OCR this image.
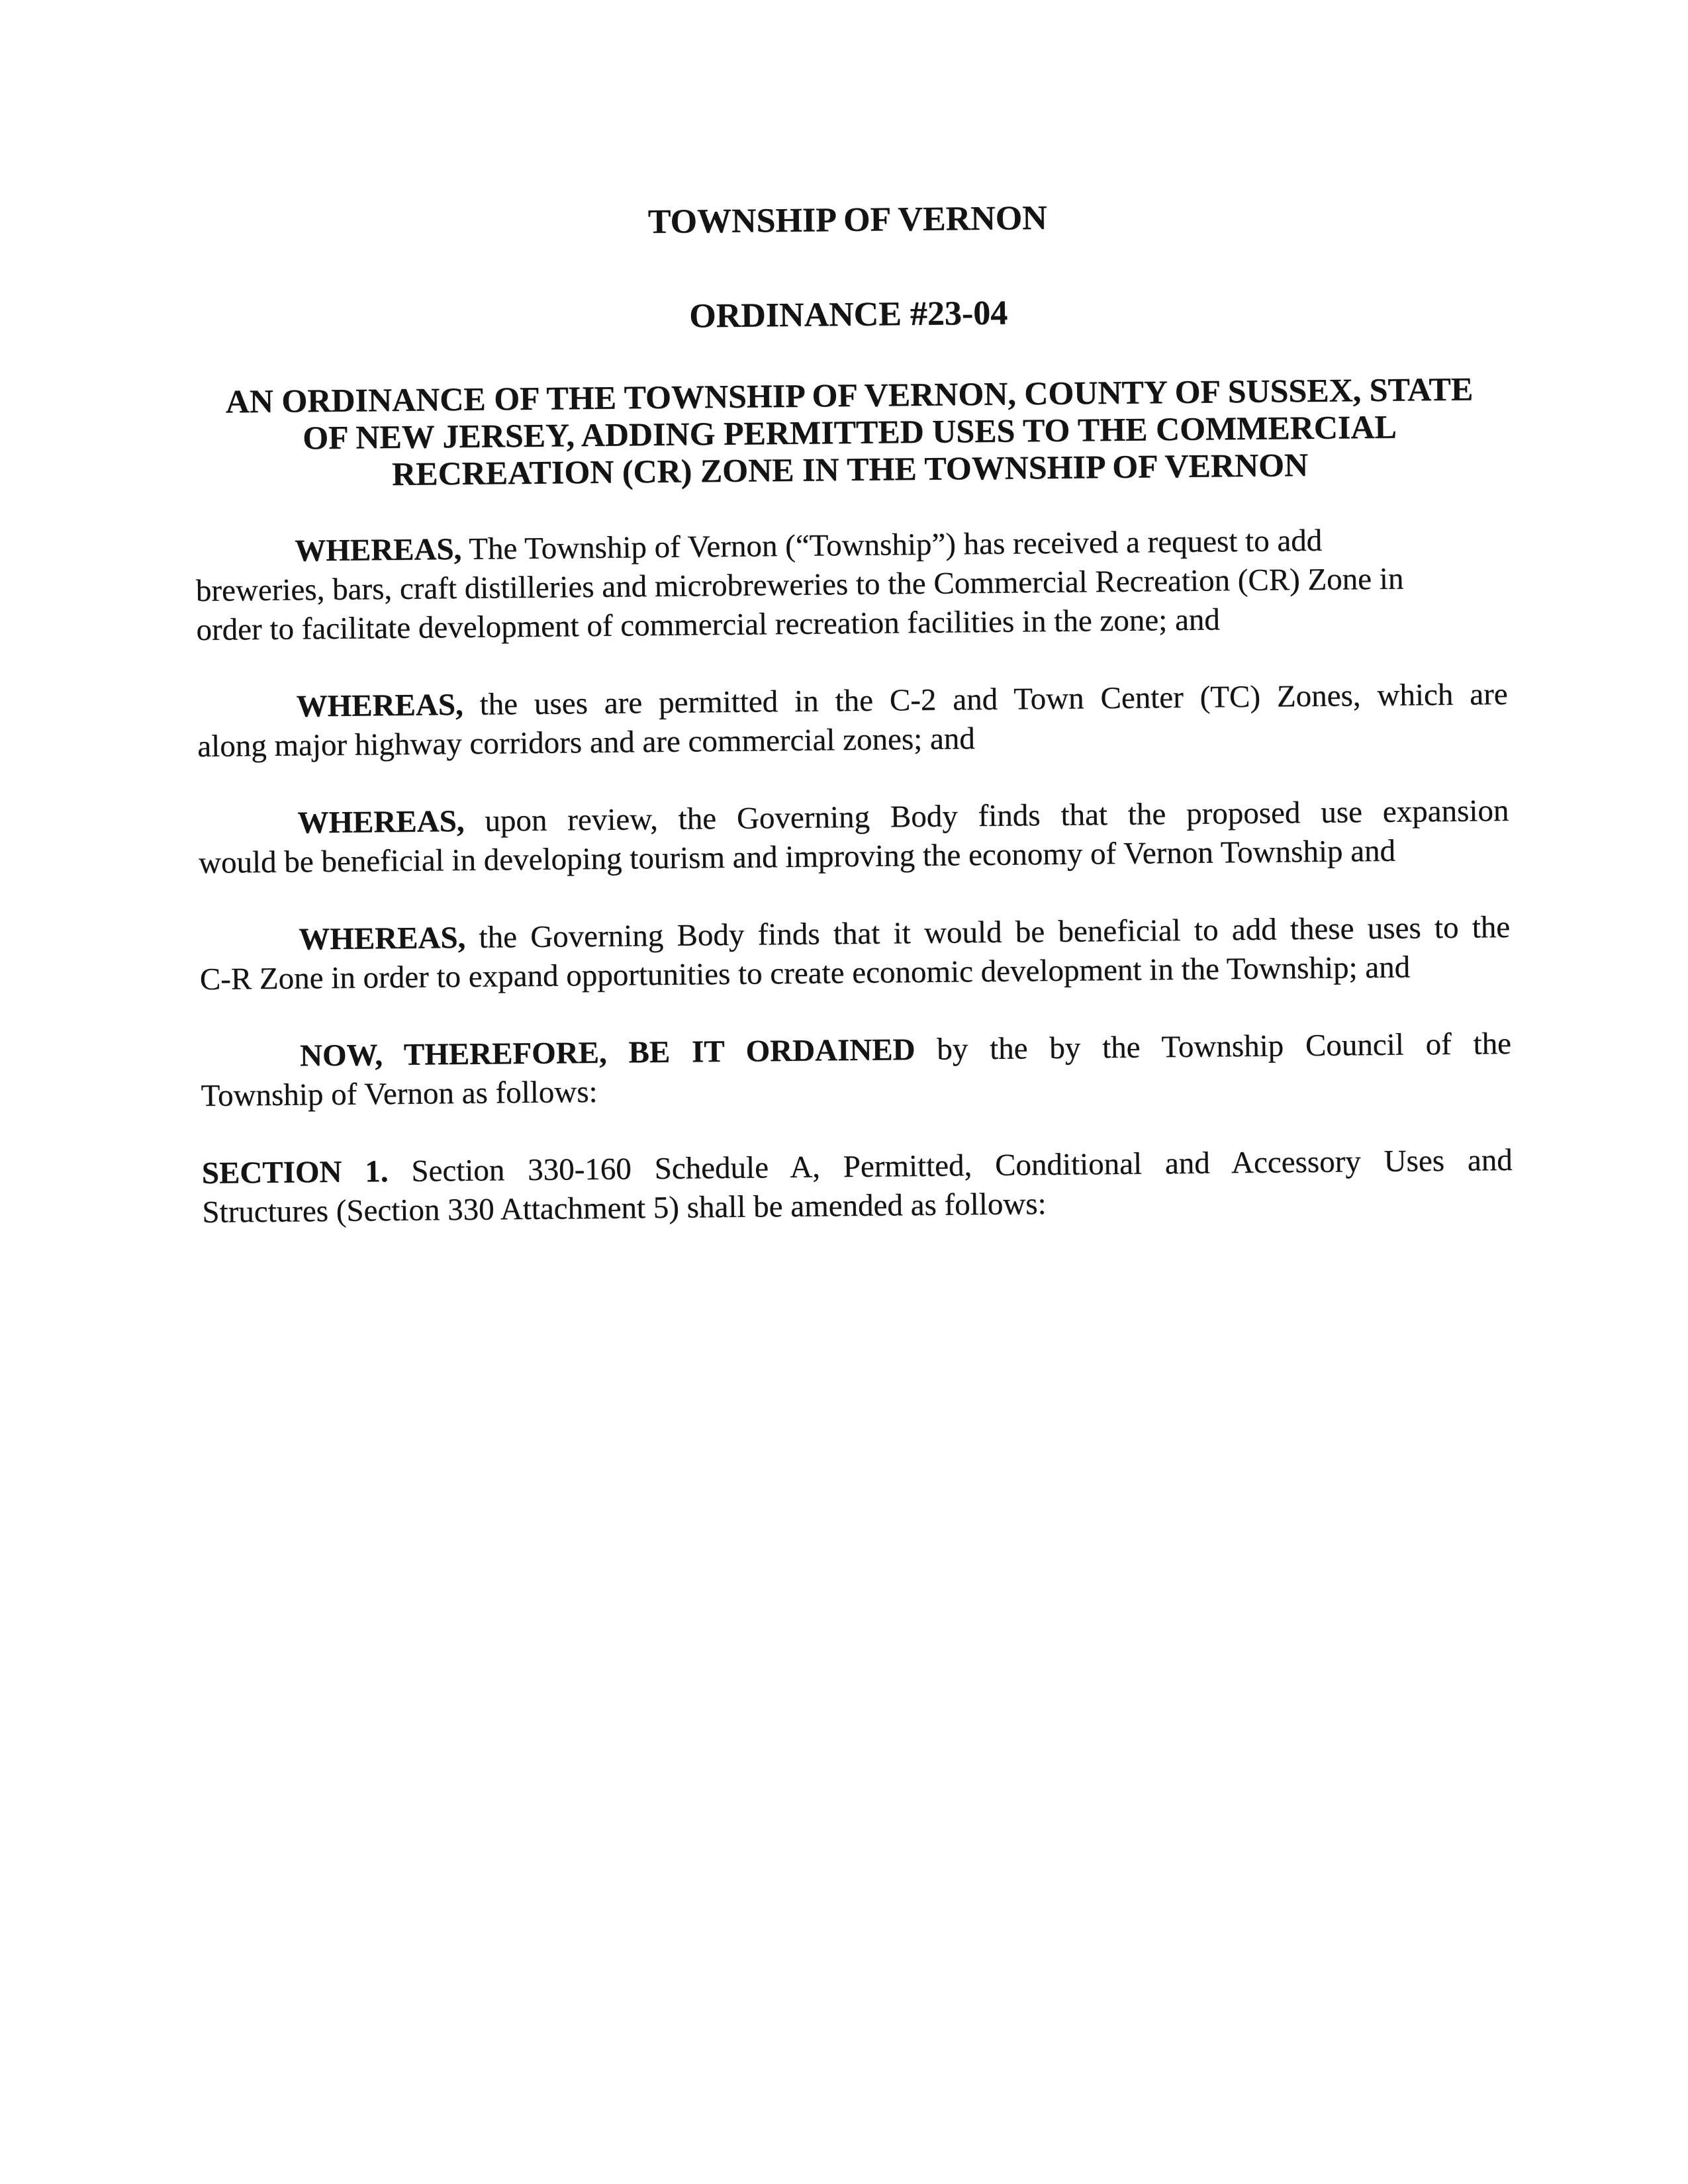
TOWNSHIP OF VERNON
ORDINANCE #23-04
AN ORDINANCE OF THE TOWNSHIP OF VERNON, COUNTY OF SUSSEX, STATE
OF NEW JERSEY, ADDING PERMITTED USES TO THE COMMERCIAL
RECREATION (CR) ZONE IN THE TOWNSHIP OF VERNON
WHEREAS, The Township of Vernon (“Township”) has received a request to add
breweries, bars, craft distilleries and microbreweries to the Commercial Recreation (CR) Zone in
order to facilitate development of commercial recreation facilities in the zone; and
WHEREAS, the uses are permitted in the C-2 and Town Center (TC) Zones, which are
along major highway corridors and are commercial zones; and
WHEREAS, upon review, the Governing Body finds that the proposed use expansion
would be beneficial in developing tourism and improving the economy of Vernon Township and
WHEREAS, the Governing Body finds that it would be beneficial to add these uses to the
C-R Zone in order to expand opportunities to create economic development in the Township; and
NOW, THEREFORE, BE IT ORDAINED by the by the Township Council of the
Township of Vernon as follows:
SECTION 1. Section 330-160 Schedule A, Permitted, Conditional and Accessory Uses and
Structures (Section 330 Attachment 5) shall be amended as follows:
